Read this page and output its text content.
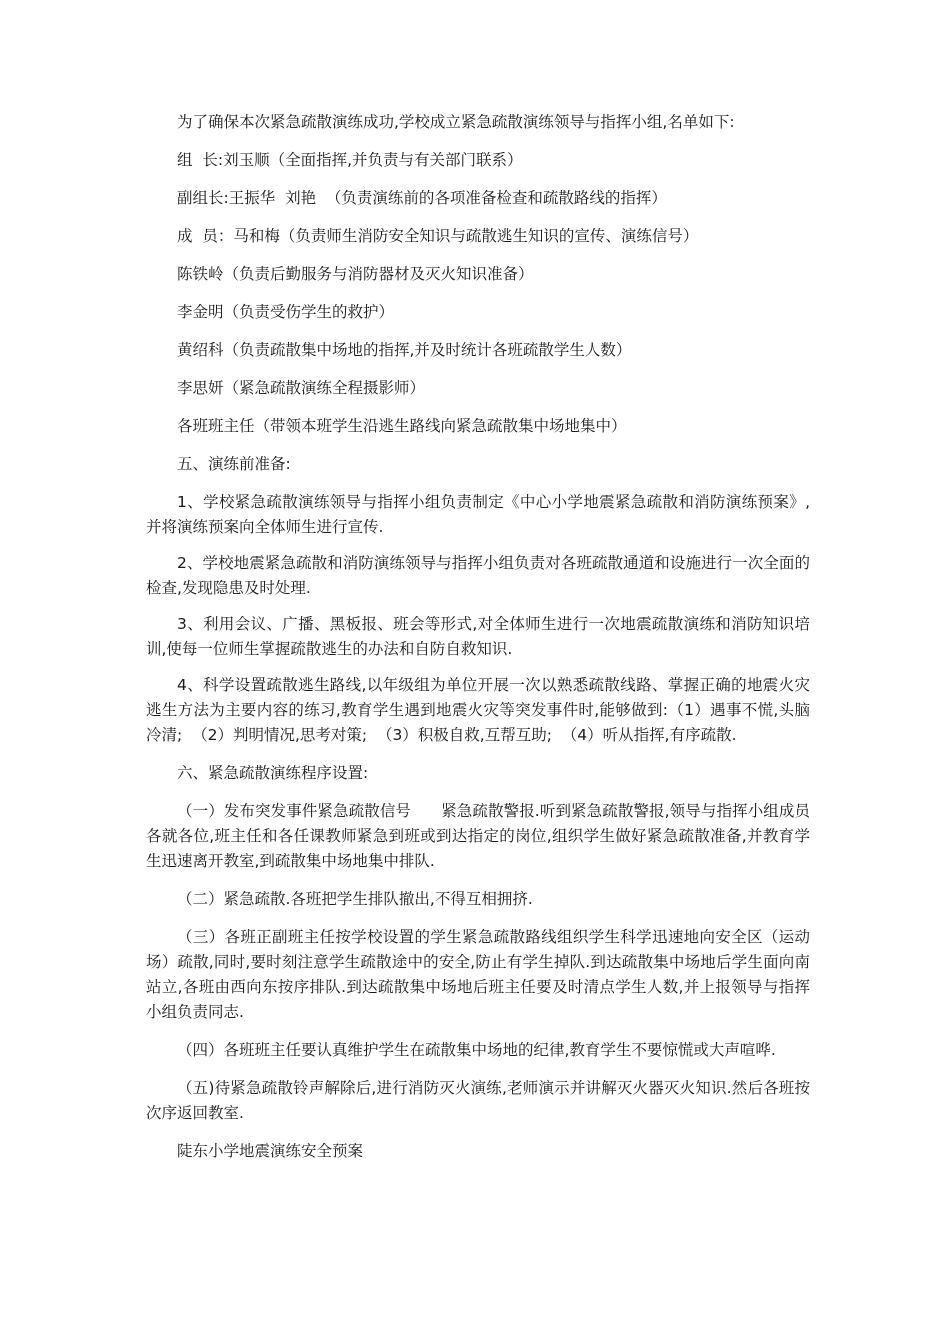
为了确保本次紧急疏散演练成功,学校成立紧急疏散演练领导与指挥小组,名单如下:

组  长:刘玉顺（全面指挥,并负责与有关部门联系）

副组长:王振华  刘艳  （负责演练前的各项准备检查和疏散路线的指挥）

成  员：马和梅（负责师生消防安全知识与疏散逃生知识的宣传、演练信号）

陈铁岭（负责后勤服务与消防器材及灭火知识准备）

李金明（负责受伤学生的救护）

黄绍科（负责疏散集中场地的指挥,并及时统计各班疏散学生人数）

李思妍（紧急疏散演练全程摄影师）

各班班主任（带领本班学生沿逃生路线向紧急疏散集中场地集中）

五、演练前准备:

1、学校紧急疏散演练领导与指挥小组负责制定《中心小学地震紧急疏散和消防演练预案》,并将演练预案向全体师生进行宣传.

2、学校地震紧急疏散和消防演练领导与指挥小组负责对各班疏散通道和设施进行一次全面的检查,发现隐患及时处理.

3、利用会议、广播、黑板报、班会等形式,对全体师生进行一次地震疏散演练和消防知识培训,使每一位师生掌握疏散逃生的办法和自防自救知识.

4、科学设置疏散逃生路线,以年级组为单位开展一次以熟悉疏散线路、掌握正确的地震火灾逃生方法为主要内容的练习,教育学生遇到地震火灾等突发事件时,能够做到:（1）遇事不慌,头脑冷清;  （2）判明情况,思考对策;  （3）积极自救,互帮互助;  （4）听从指挥,有序疏散.

六、紧急疏散演练程序设置:

（一）发布突发事件紧急疏散信号      紧急疏散警报.听到紧急疏散警报,领导与指挥小组成员各就各位,班主任和各任课教师紧急到班或到达指定的岗位,组织学生做好紧急疏散准备,并教育学生迅速离开教室,到疏散集中场地集中排队.

（二）紧急疏散.各班把学生排队撤出,不得互相拥挤.

（三）各班正副班主任按学校设置的学生紧急疏散路线组织学生科学迅速地向安全区（运动场）疏散,同时,要时刻注意学生疏散途中的安全,防止有学生掉队.到达疏散集中场地后学生面向南站立,各班由西向东按序排队.到达疏散集中场地后班主任要及时清点学生人数,并上报领导与指挥小组负责同志.

（四）各班班主任要认真维护学生在疏散集中场地的纪律,教育学生不要惊慌或大声喧哗.

（五)待紧急疏散铃声解除后,进行消防灭火演练,老师演示并讲解灭火器灭火知识.然后各班按次序返回教室.

陡东小学地震演练安全预案
